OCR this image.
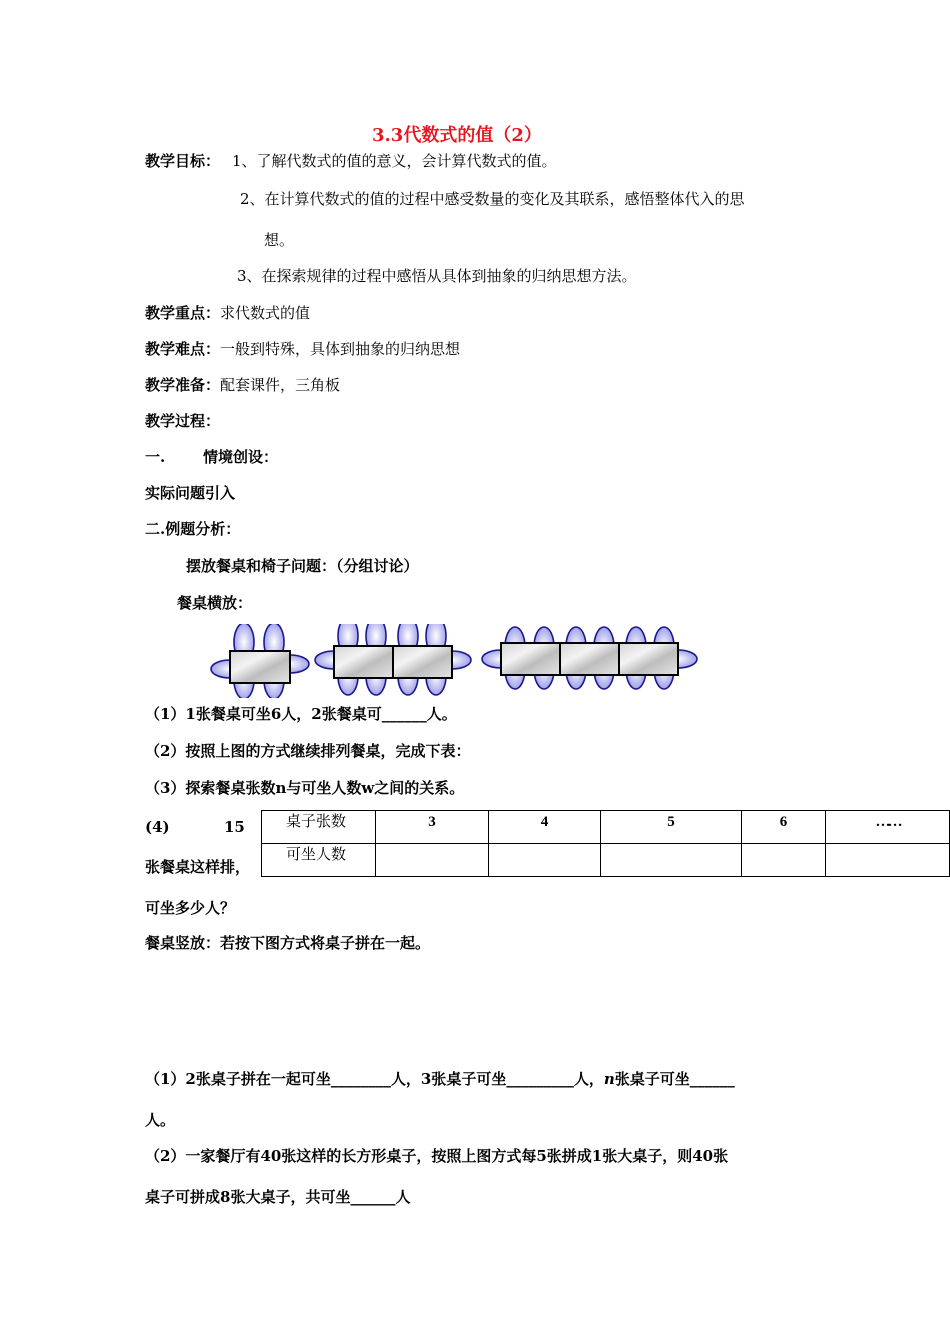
3.3代数式的值（2）
教学目标： 1、了解代数式的值的意义，会计算代数式的值。
2、在计算代数式的值的过程中感受数量的变化及其联系，感悟整体代入的思
想。
3、在探索规律的过程中感悟从具体到抽象的归纳思想方法。
教学重点：求代数式的值
教学难点：一般到特殊，具体到抽象的归纳思想
教学准备：配套课件，三角板
教学过程：
一.	情境创设：
实际问题引入
二.例题分析：
摆放餐桌和椅子问题：（分组讨论）
餐桌横放：
（1）1张餐桌可坐6人，2张餐桌可______人。
（2）按照上图的方式继续排列餐桌，完成下表：
（3）探索餐桌张数n与可坐人数w之间的关系。
(4)	15
张餐桌这样排，
可坐多少人？
桌子张数	3	4	5	6	……
可坐人数					
餐桌竖放：若按下图方式将桌子拼在一起。
（1）2张桌子拼在一起可坐________人，3张桌子可坐_________人，n张桌子可坐______
人。
（2）一家餐厅有40张这样的长方形桌子，按照上图方式每5张拼成1张大桌子，则40张
桌子可拼成8张大桌子，共可坐______人
